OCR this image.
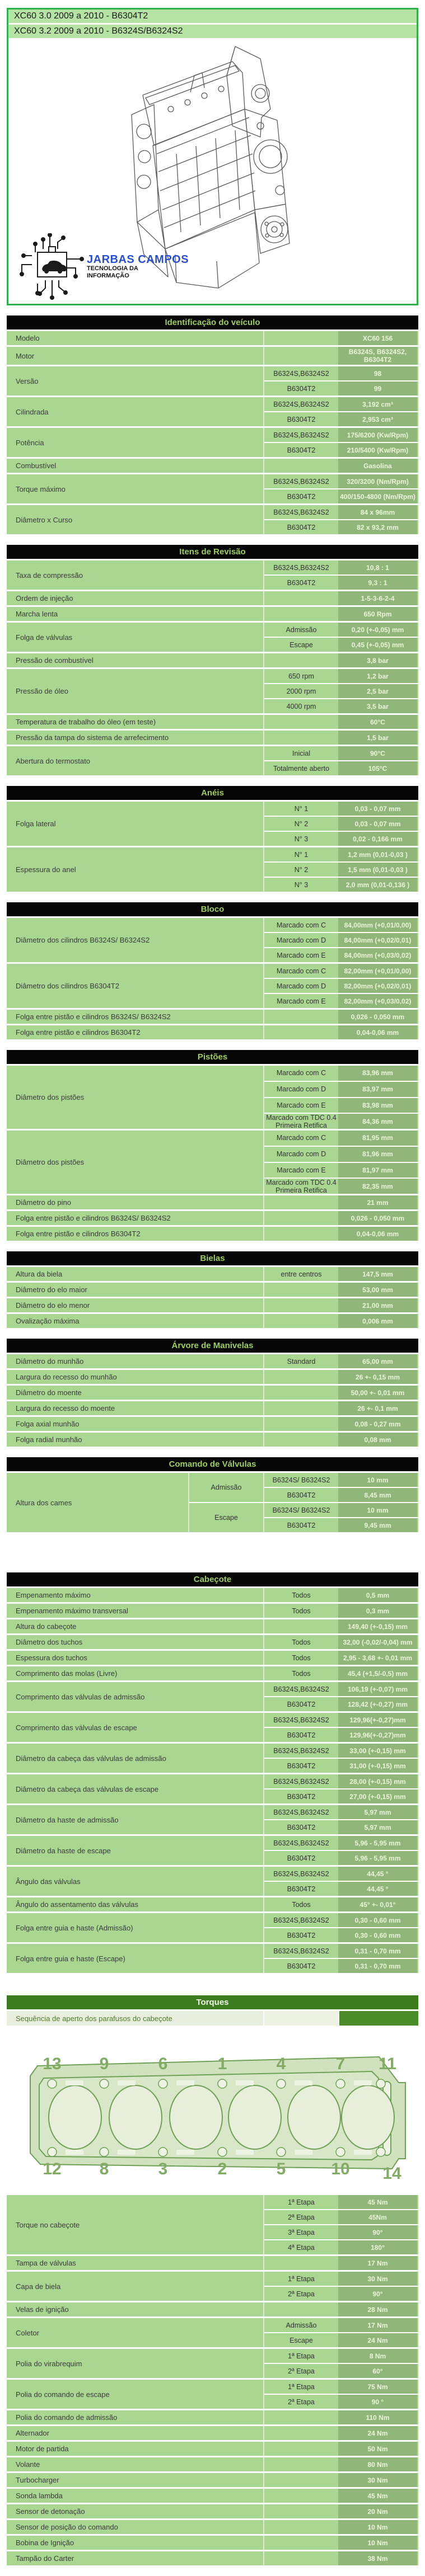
XC60 3.0 2009 a 2010 - B6304T2
XC60 3.2 2009 a 2010 - B6324S/B6324S2
JARBAS CAMPOS
TECNOLOGIA DA
INFORMAÇÃO
Identificação do veículo
Modelo	XC60 156
Motor	B6324S, B6324S2, B6304T2
Versão
B6324S,B6324S2	98
B6304T2	99
Cilindrada
B6324S,B6324S2	3,192 cm³
B6304T2	2,953 cm³
Potência
B6324S,B6324S2	175/6200 (Kw/Rpm)
B6304T2	210/5400 (Kw/Rpm)
Combustível	Gasolina
Torque máximo
B6324S,B6324S2	320/3200 (Nm/Rpm)
B6304T2	400/150-4800 (Nm/Rpm)
Diâmetro x Curso
B6324S,B6324S2	84 x 96mm
B6304T2	82 x 93,2 mm
Itens de Revisão
Taxa de compressão
B6324S,B6324S2	10,8 : 1
B6304T2	9,3 : 1
Ordem de injeção	1-5-3-6-2-4
Marcha lenta	650 Rpm
Folga de válvulas
Admissão	0,20 (+-0,05) mm
Escape	0,45 (+-0,05) mm
Pressão de combustível	3,8 bar
Pressão de óleo
650 rpm	1,2 bar
2000 rpm	2,5 bar
4000 rpm	3,5 bar
Temperatura de trabalho do óleo (em teste)	60°C
Pressão da tampa do sistema de arrefecimento	1,5 bar
Abertura do termostato
Inicial	90°C
Totalmente aberto	105°C
Anéis
Folga lateral
N° 1	0,03 - 0,07 mm
N° 2	0,03 - 0,07 mm
N° 3	0,02 - 0,166 mm
Espessura do anel
N° 1	1,2 mm (0,01-0,03 )
N° 2	1,5 mm (0,01-0,03 )
N° 3	2,0 mm (0,01-0,136 )
Bloco
Diâmetro dos cilindros B6324S/ B6324S2
Marcado com C	84,00mm (+0,01/0,00)
Marcado com D	84,00mm (+0,02/0,01)
Marcado com E	84,00mm (+0,03/0,02)
Diâmetro dos cilindros B6304T2
Marcado com C	82,00mm (+0,01/0,00)
Marcado com D	82,00mm (+0,02/0,01)
Marcado com E	82,00mm (+0,03/0,02)
Folga entre pistão e cilindros B6324S/ B6324S2	0,026 - 0,050 mm
Folga entre pistão e cilindros B6304T2	0,04-0,06 mm
Pistões
Diâmetro dos pistões
Marcado com C	83,96 mm
Marcado com D	83,97 mm
Marcado com E	83,98 mm
Marcado com TDC 0.4 Primeira Retifica	84,36 mm
Diâmetro dos pistões
Marcado com C	81,95 mm
Marcado com D	81,96 mm
Marcado com E	81,97 mm
Marcado com TDC 0.4 Primeira Retifica	82,35 mm
Diâmetro do pino	21 mm
Folga entre pistão e cilindros B6324S/ B6324S2	0,026 - 0,050 mm
Folga entre pistão e cilindros B6304T2	0,04-0,06 mm
Bielas
Altura da biela	entre centros	147,5 mm
Diâmetro do elo maior	53,00 mm
Diâmetro do elo menor	21,00 mm
Ovalização máxima	0,006 mm
Árvore de Manivelas
Diâmetro do munhão	Standard	65,00 mm
Largura do recesso do munhão	26 +- 0,15 mm
Diâmetro do moente	50,00 +- 0,01 mm
Largura do recesso do moente	26 +- 0,1 mm
Folga axial munhão	0,08 - 0,27 mm
Folga radial munhão	0,08 mm
Comando de Válvulas
Altura dos cames
Admissão
B6324S/ B6324S2	10 mm
B6304T2	8,45 mm
Escape
B6324S/ B6324S2	10 mm
B6304T2	9,45 mm
Cabeçote
Empenamento máximo	Todos	0,5 mm
Empenamento máximo transversal	Todos	0,3 mm
Altura do cabeçote	149,40 (+-0,15) mm
Diâmetro dos tuchos	Todos	32,00 (-0,02/-0,04) mm
Espessura dos tuchos	Todos	2,95 - 3,68 +- 0,01 mm
Comprimento das molas (Livre)	Todos	45,4 (+1,5/-0,5) mm
Comprimento das válvulas de admissão
B6324S,B6324S2	106,19 (+-0,07) mm
B6304T2	128,42 (+-0,27) mm
Comprimento das válvulas de escape
B6324S,B6324S2	129,96(+-0,27)mm
B6304T2	129,96(+-0,27)mm
Diâmetro da cabeça das válvulas de admissão
B6324S,B6324S2	33,00 (+-0,15) mm
B6304T2	31,00 (+-0,15) mm
Diâmetro da cabeça das válvulas de escape
B6324S,B6324S2	28,00 (+-0,15) mm
B6304T2	27,00 (+-0,15) mm
Diâmetro da haste de admissão
B6324S,B6324S2	5,97 mm
B6304T2	5,97 mm
Diâmetro da haste de escape
B6324S,B6324S2	5,96 - 5,95 mm
B6304T2	5,96 - 5,95 mm
Ângulo das válvulas
B6324S,B6324S2	44,45 °
B6304T2	44,45 °
Ângulo do assentamento das válvulas	Todos	45° +- 0,01°
Folga entre guia e haste (Admissão)
B6324S,B6324S2	0,30 - 0,60 mm
B6304T2	0,30 - 0,60 mm
Folga entre guia e haste (Escape)
B6324S,B6324S2	0,31 - 0,70 mm
B6304T2	0,31 - 0,70 mm
Torques
Sequência de aperto dos parafusos do cabeçote
13
12
9
8
6
3
1
2
4
5
7
10
11
14
Torque no cabeçote
1ª Etapa	45 Nm
2ª Etapa	45Nm
3ª Etapa	90°
4ª Etapa	180°
Tampa de válvulas	17 Nm
Capa de biela
1ª Etapa	30 Nm
2ª Etapa	90°
Velas de ignição	28 Nm
Coletor
Admissão	17 Nm
Escape	24 Nm
Polia do virabrequim
1ª Etapa	8 Nm
2ª Etapa	60°
Polia do comando de escape
1ª Etapa	75 Nm
2ª Etapa	90 °
Polia do comando de admissão	110 Nm
Alternador	24 Nm
Motor de partida	50 Nm
Volante	80 Nm
Turbocharger	30 Nm
Sonda lambda	45 Nm
Sensor de detonação	20 Nm
Sensor de posição do comando	10 Nm
Bobina de Ignição	10 Nm
Tampão do Carter	38 Nm
